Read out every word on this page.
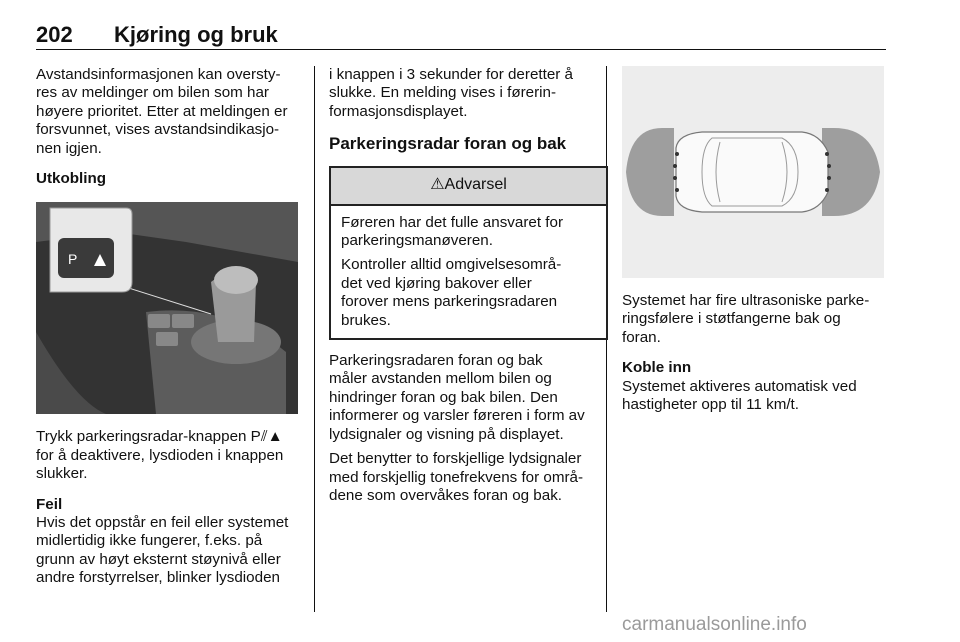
202 Kjøring og bruk

Avstandsinformasjonen kan oversty-

res av meldinger om bilen som har

høyere prioritet. Etter at meldingen er

forsvunnet, vises avstandsindikasjo-

nen igjen.

Utkobling

P

Trykk parkeringsradar-knappen P⫽▲

for å deaktivere, lysdioden i knappen

slukker.

Feil

Hvis det oppstår en feil eller systemet

midlertidig ikke fungerer, f.eks. på

grunn av høyt eksternt støynivå eller

andre forstyrrelser, blinker lysdioden

i knappen i 3 sekunder for deretter å

slukke. En melding vises i førerin-

formasjonsdisplayet.

Parkeringsradar foran og bak

⚠ Advarsel

Føreren har det fulle ansvaret for

parkeringsmanøveren.

Kontroller alltid omgivelsesområ-

det ved kjøring bakover eller

forover mens parkeringsradaren

brukes.

Parkeringsradaren foran og bak

måler avstanden mellom bilen og

hindringer foran og bak bilen. Den

informerer og varsler føreren i form av

lydsignaler og visning på displayet.

Det benytter to forskjellige lydsignaler

med forskjellig tonefrekvens for områ-

dene som overvåkes foran og bak.

Systemet har fire ultrasoniske parke-

ringsfølere i støtfangerne bak og

foran.

Koble inn

Systemet aktiveres automatisk ved

hastigheter opp til 11 km/t.

carmanualsonline.info
